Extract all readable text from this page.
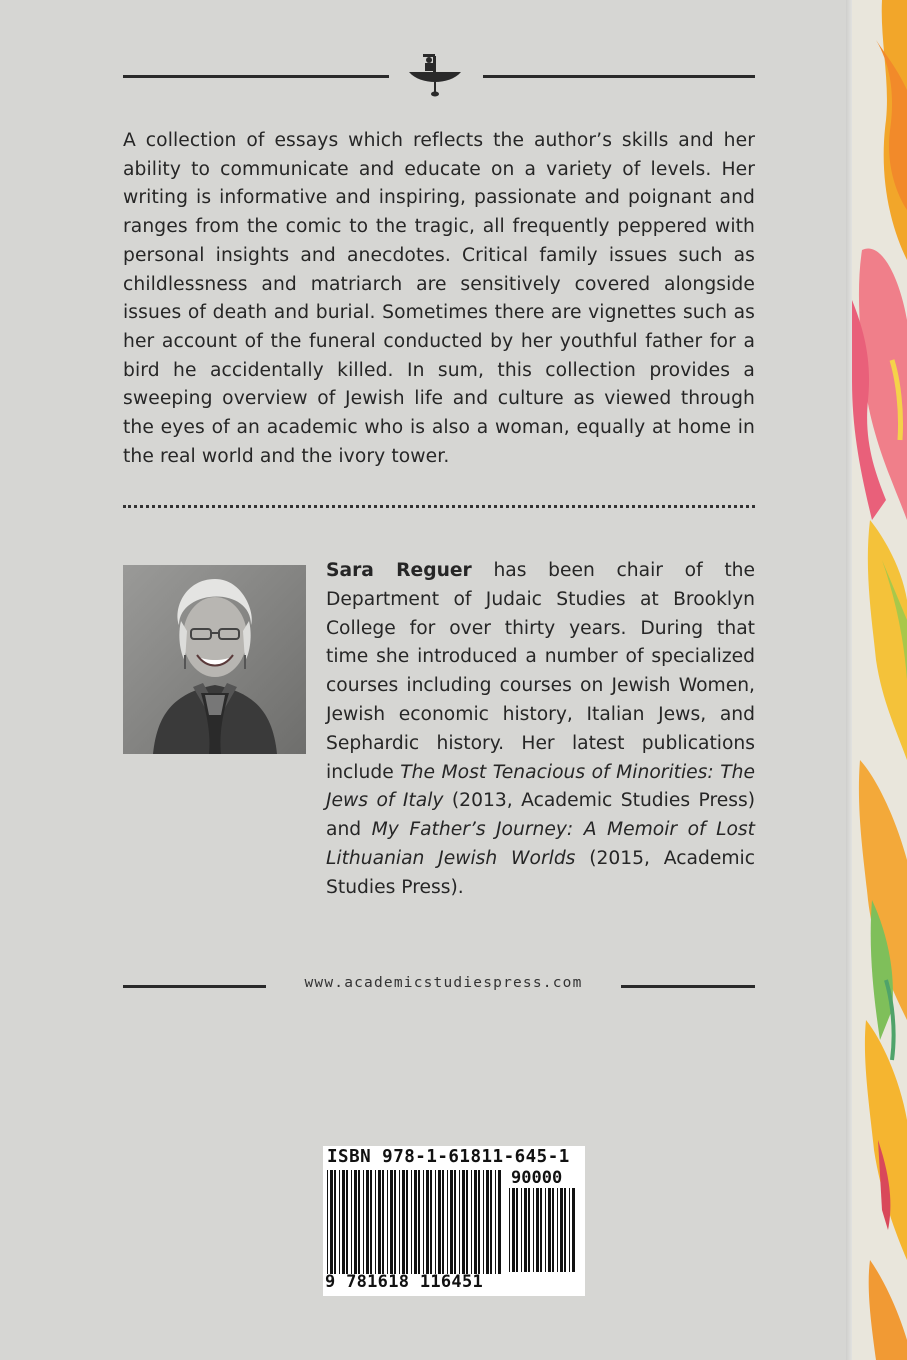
A collection of essays which reflects the author’s skills and her ability to communicate and educate on a variety of levels. Her writing is informative and inspiring, passionate and poignant and ranges from the comic to the tragic, all frequently peppered with personal insights and anecdotes. Critical family issues such as childlessness and matriarch are sensitively covered alongside issues of death and burial. Sometimes there are vignettes such as her account of the funeral conducted by her youthful father for a bird he accidentally killed. In sum, this collection provides a sweeping overview of Jewish life and culture as viewed through the eyes of an academic who is also a woman, equally at home in the real world and the ivory tower.

Sara Reguer has been chair of the Department of Judaic Studies at Brooklyn College for over thirty years. During that time she introduced a number of specialized courses including courses on Jewish Women, Jewish economic history, Italian Jews, and Sephardic history. Her latest publications include The Most Tenacious of Minorities: The Jews of Italy (2013, Academic Studies Press) and My Father’s Journey: A Memoir of Lost Lithuanian Jewish Worlds (2015, Academic Studies Press).

www.academicstudiespress.com
ISBN 978-1-61811-645-1
90000
9 781618 116451
